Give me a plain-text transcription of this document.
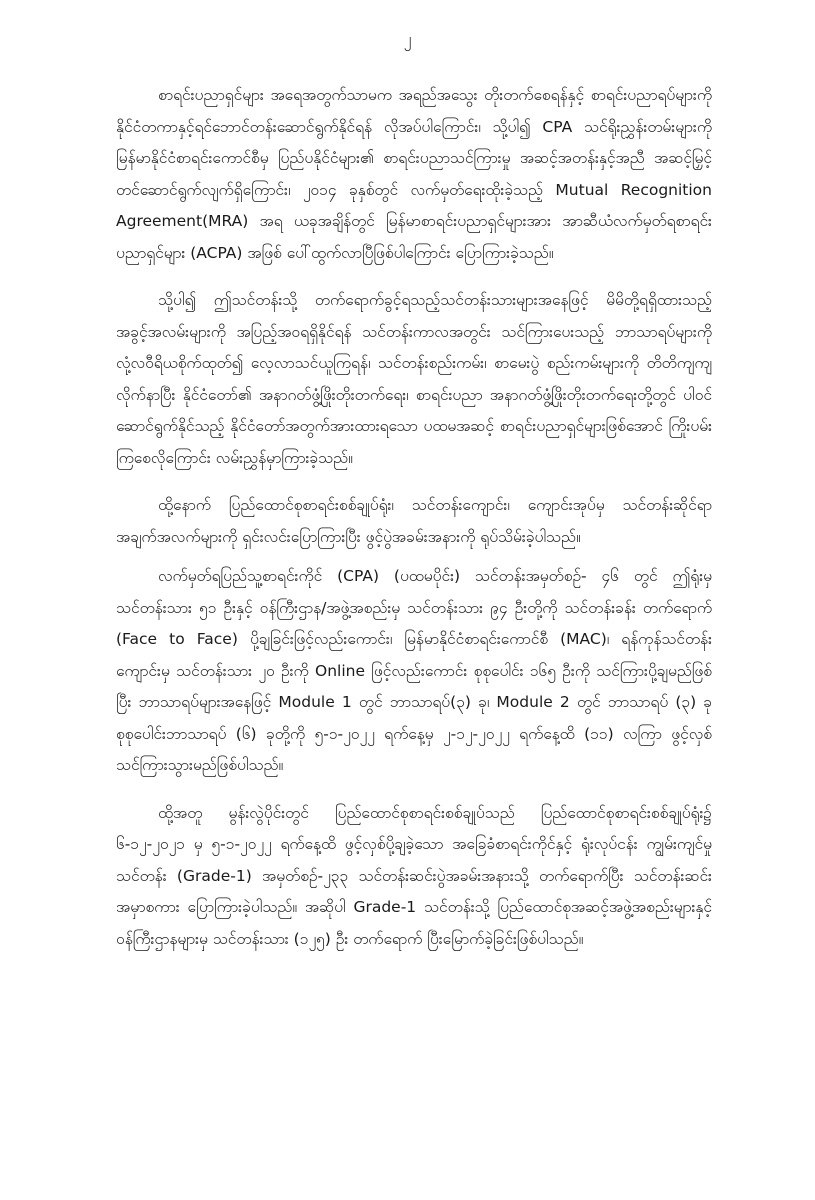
၂

စာရင်းပညာရှင်များ အရေအတွက်သာမက အရည်အသွေး တိုးတက်စေရန်နှင့် စာရင်းပညာရပ်များကို နိုင်ငံတကာနှင့်ရင်ဘောင်တန်းဆောင်ရွက်နိုင်ရန် လိုအပ်ပါကြောင်း၊ သို့ပါ၍ CPA သင်ရိုးညွှန်းတမ်းများကို မြန်မာနိုင်ငံစာရင်းကောင်စီမှ ပြည်ပနိုင်ငံများ၏ စာရင်းပညာသင်ကြားမှု အဆင့်အတန်းနှင့်အညီ အဆင့်မြှင့်တင်ဆောင်ရွက်လျက်ရှိကြောင်း၊ ၂၀၁၄ ခုနှစ်တွင် လက်မှတ်ရေးထိုးခဲ့သည့် Mutual Recognition Agreement(MRA) အရ ယခုအချိန်တွင် မြန်မာစာရင်းပညာရှင်များအား အာဆီယံလက်မှတ်ရစာရင်းပညာရှင်များ (ACPA) အဖြစ် ပေါ်ထွက်လာပြီဖြစ်ပါကြောင်း ပြောကြားခဲ့သည်။

သို့ပါ၍ ဤသင်တန်းသို့ တက်ရောက်ခွင့်ရသည့်သင်တန်းသားများအနေဖြင့် မိမိတို့ရရှိထားသည့် အခွင့်အလမ်းများကို အပြည့်အဝရရှိနိုင်ရန် သင်တန်းကာလအတွင်း သင်ကြားပေးသည့် ဘာသာရပ်များကို လုံ့လဝီရိယစိုက်ထုတ်၍ လေ့လာသင်ယူကြရန်၊ သင်တန်းစည်းကမ်း၊ စာမေးပွဲ စည်းကမ်းများကို တိတိကျကျလိုက်နာပြီး နိုင်ငံတော်၏ အနာဂတ်ဖွံ့ဖြိုးတိုးတက်ရေး၊ စာရင်းပညာ အနာဂတ်ဖွံ့ဖြိုးတိုးတက်ရေးတို့တွင် ပါဝင်ဆောင်ရွက်နိုင်သည့် နိုင်ငံတော်အတွက်အားထားရသော ပထမအဆင့် စာရင်းပညာရှင်များဖြစ်အောင် ကြိုးပမ်းကြစေလိုကြောင်း လမ်းညွှန်မှာကြားခဲ့သည်။

ထို့နောက် ပြည်ထောင်စုစာရင်းစစ်ချုပ်ရုံး၊ သင်တန်းကျောင်း၊ ကျောင်းအုပ်မှ သင်တန်းဆိုင်ရာ အချက်အလက်များကို ရှင်းလင်းပြောကြားပြီး ဖွင့်ပွဲအခမ်းအနားကို ရုပ်သိမ်းခဲ့ပါသည်။

လက်မှတ်ရပြည်သူ့စာရင်းကိုင် (CPA) (ပထမပိုင်း) သင်တန်းအမှတ်စဉ်- ၄၆ တွင် ဤရုံးမှ သင်တန်းသား ၅၁ ဦးနှင့် ဝန်ကြီးဌာန/အဖွဲ့အစည်းမှ သင်တန်းသား ၉၄ ဦးတို့ကို သင်တန်းခန်း တက်ရောက် (Face to Face) ပို့ချခြင်းဖြင့်လည်းကောင်း၊ မြန်မာနိုင်ငံစာရင်းကောင်စီ (MAC)၊ ရန်ကုန်သင်တန်းကျောင်းမှ သင်တန်းသား ၂၀ ဦးကို Online ဖြင့်လည်းကောင်း စုစုပေါင်း ၁၆၅ ဦးကို သင်ကြားပို့ချမည်ဖြစ်ပြီး ဘာသာရပ်များအနေဖြင့် Module 1 တွင် ဘာသာရပ်(၃) ခု၊ Module 2 တွင် ဘာသာရပ် (၃) ခု စုစုပေါင်းဘာသာရပ် (၆) ခုတို့ကို ၅-၁-၂၀၂၂ ရက်နေ့မှ ၂-၁၂-၂၀၂၂ ရက်နေ့ထိ (၁၁) လကြာ ဖွင့်လှစ်သင်ကြားသွားမည်ဖြစ်ပါသည်။

ထို့အတူ မွန်းလွဲပိုင်းတွင် ပြည်ထောင်စုစာရင်းစစ်ချုပ်သည် ပြည်ထောင်စုစာရင်းစစ်ချုပ်ရုံး၌ ၆-၁၂-၂၀၂၁ မှ ၅-၁-၂၀၂၂ ရက်နေ့ထိ ဖွင့်လှစ်ပို့ချခဲ့သော အခြေခံစာရင်းကိုင်နှင့် ရုံးလုပ်ငန်း ကျွမ်းကျင်မှုသင်တန်း (Grade-1) အမှတ်စဉ်-၂၃၃ သင်တန်းဆင်းပွဲအခမ်းအနားသို့ တက်ရောက်ပြီး သင်တန်းဆင်းအမှာစကား ပြောကြားခဲ့ပါသည်။ အဆိုပါ Grade-1 သင်တန်းသို့ ပြည်ထောင်စုအဆင့်အဖွဲ့အစည်းများနှင့် ဝန်ကြီးဌာနများမှ သင်တန်းသား (၁၂၅) ဦး တက်ရောက် ပြီးမြောက်ခဲ့ခြင်းဖြစ်ပါသည်။
